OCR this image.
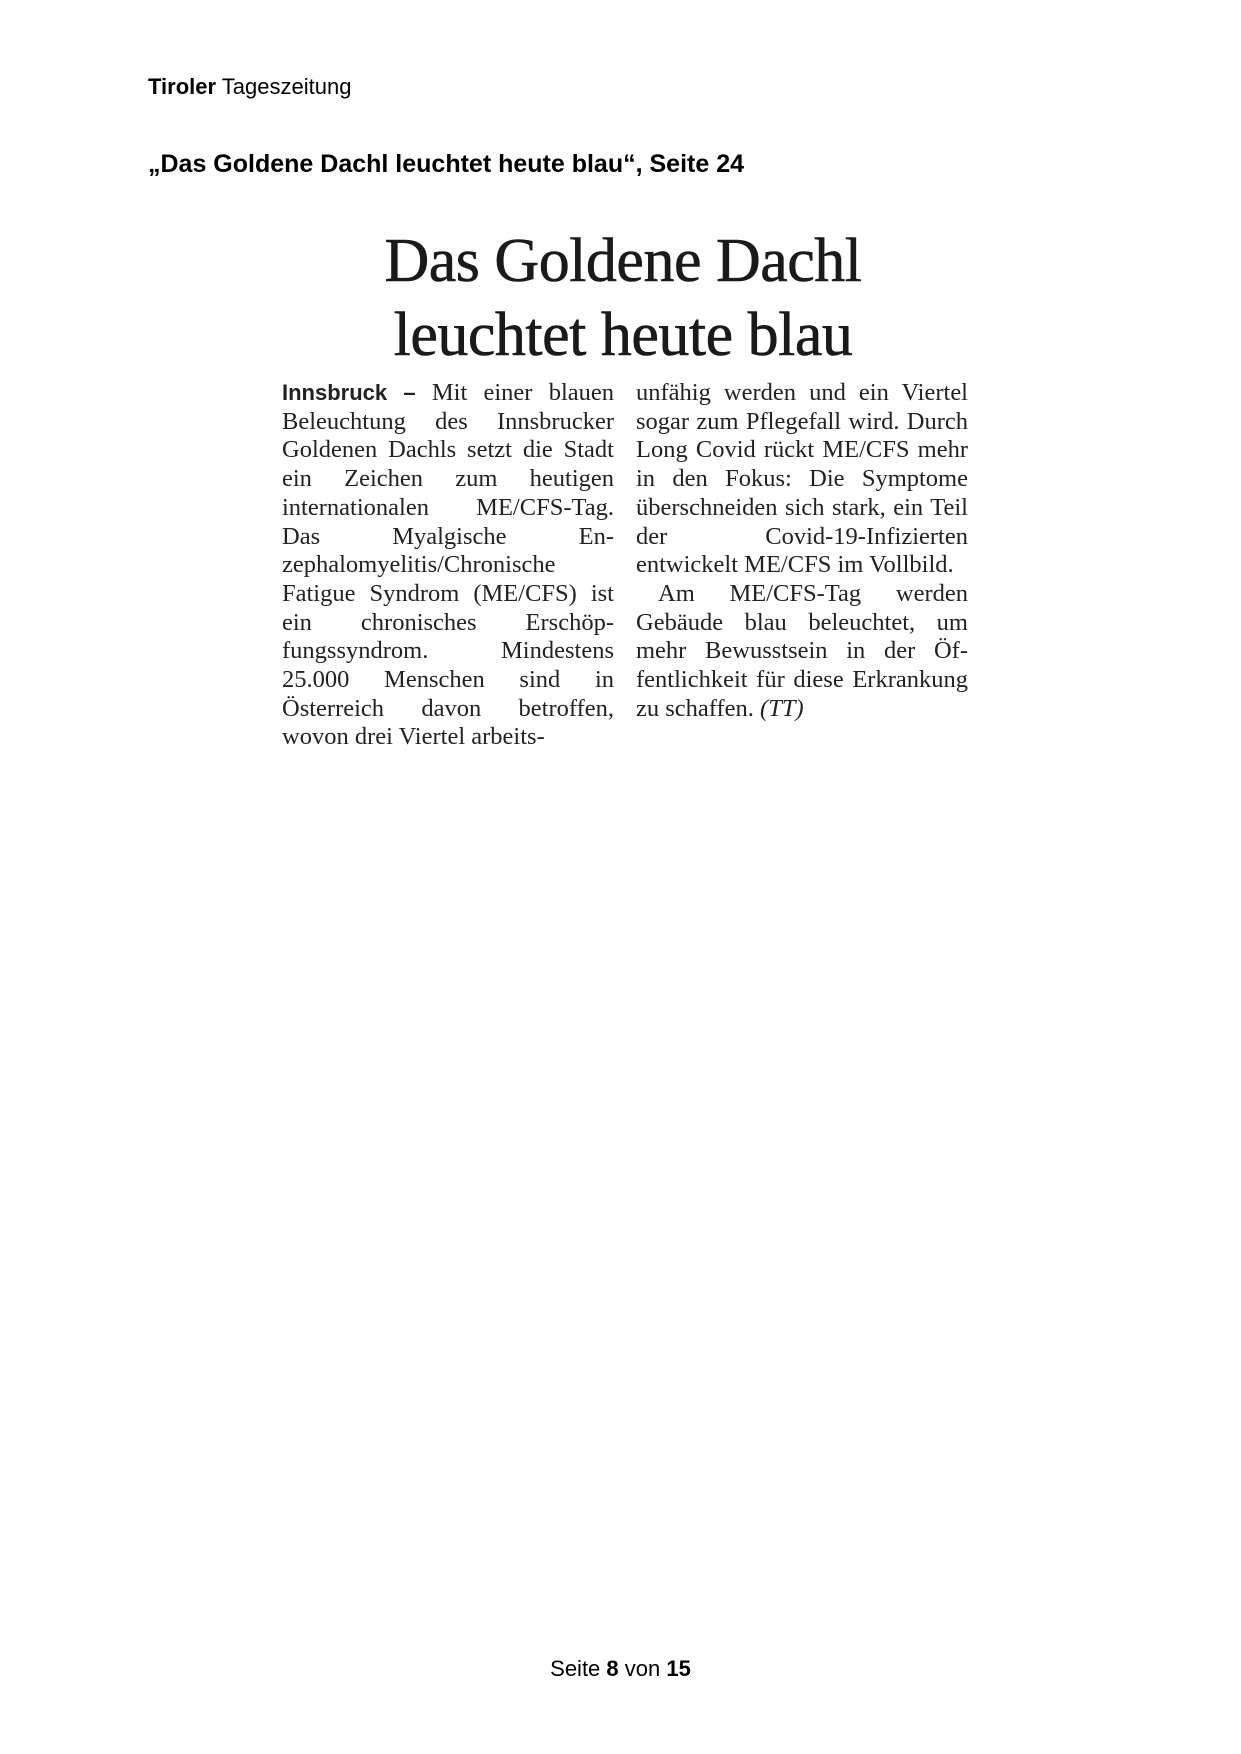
Tiroler Tageszeitung
„Das Goldene Dachl leuchtet heute blau“, Seite 24
Das Goldene Dachl
leuchtet heute blau

Innsbruck – Mit einer blauen Beleuchtung des Innsbrucker Goldenen Dachls setzt die Stadt ein Zeichen zum heutigen internationalen ME/​CFS-Tag. Das Myalgische Enzephalomyelitis/​Chronische Fatigue Syndrom (ME/CFS) ist ein chronisches Erschöpfungssyndrom. Mindestens 25.000 Menschen sind in Österreich davon betroffen, wovon drei Viertel arbeits-

unfähig werden und ein Viertel sogar zum Pflegefall wird. Durch Long Covid rückt ME/​CFS mehr in den Fokus: Die Symptome überschneiden sich stark, ein Teil der Covid-19-Infizierten entwickelt ME/​CFS im Vollbild.

Am ME/CFS-Tag werden Gebäude blau beleuchtet, um mehr Bewusstsein in der Öffentlichkeit für diese Erkrankung zu schaffen. (TT)

Seite 8 von 15
